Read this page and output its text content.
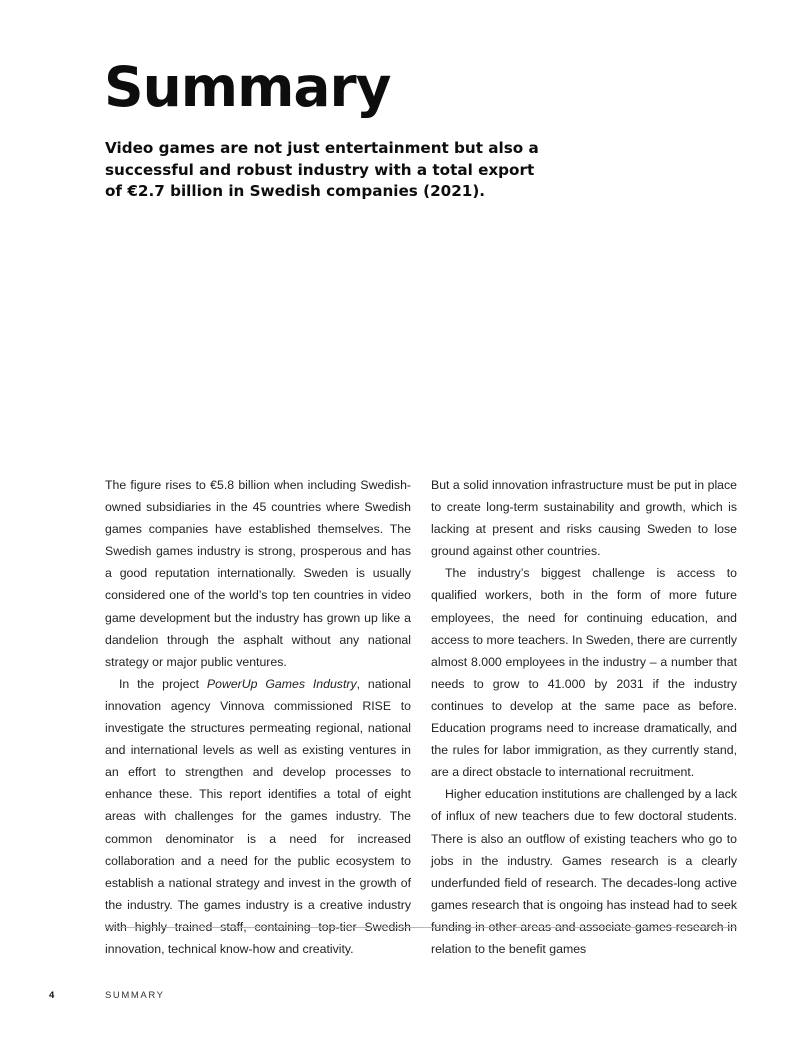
Summary

Video games are not just entertainment but also a successful and robust industry with a total export of €2.7 billion in Swedish companies (2021).

The figure rises to €5.8 billion when including Swedish-owned subsidiaries in the 45 countries where Swedish games companies have established themselves. The Swedish games industry is strong, prosperous and has a good reputation internationally. Sweden is usually considered one of the world’s top ten countries in video game development but the industry has grown up like a dandelion through the asphalt without any national strategy or major public ventures.

In the project PowerUp Games Industry, national innovation agency Vinnova commissioned RISE to investigate the structures permeating regional, national and international levels as well as existing ventures in an effort to strengthen and develop processes to enhance these. This report identifies a total of eight areas with challenges for the games industry. The common denominator is a need for increased collaboration and a need for the public ecosystem to establish a national strategy and invest in the growth of the industry. The games industry is a creative industry with highly trained staff, containing top-tier Swedish innovation, technical know-how and creativity.

But a solid innovation infrastructure must be put in place to create long-term sustainability and growth, which is lacking at present and risks causing Sweden to lose ground against other countries.

The industry’s biggest challenge is access to qualified workers, both in the form of more future employees, the need for continuing education, and access to more teachers. In Sweden, there are currently almost 8.000 employees in the industry – a number that needs to grow to 41.000 by 2031 if the industry continues to develop at the same pace as before. Education programs need to increase dramatically, and the rules for labor immigration, as they currently stand, are a direct obstacle to international recruitment.

Higher education institutions are challenged by a lack of influx of new teachers due to few doctoral students. There is also an outflow of existing teachers who go to jobs in the industry. Games research is a clearly underfunded field of research. The decades-long active games research that is ongoing has instead had to seek funding in other areas and associate games research in relation to the benefit games

4	SUMMARY
